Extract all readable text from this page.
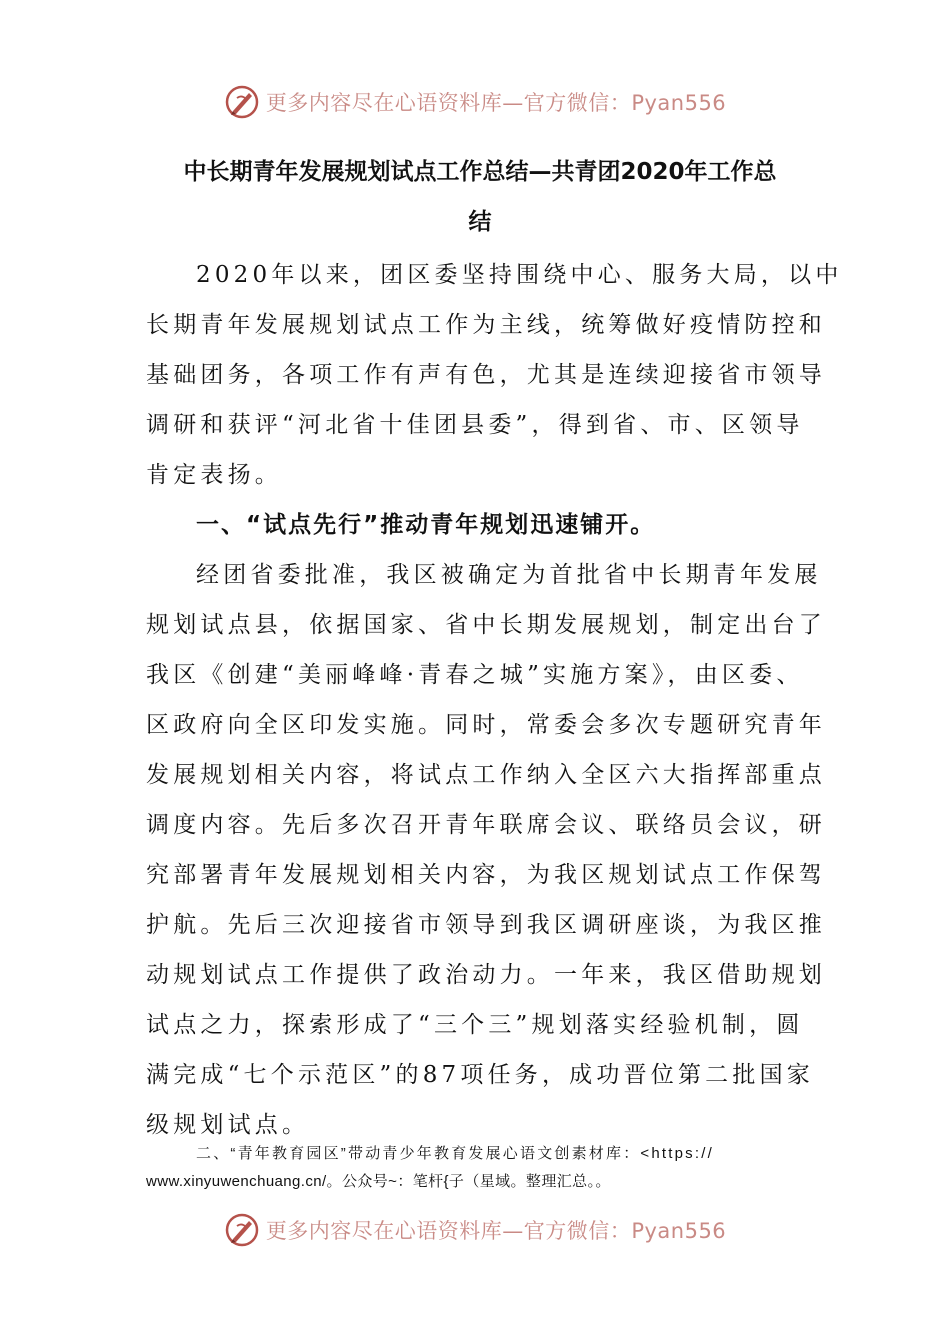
更多内容尽在心语资料库—官方微信：Pyan556
中长期青年发展规划试点工作总结—共青团2020年工作总
结
2020年以来，团区委坚持围绕中心、服务大局，以中
长期青年发展规划试点工作为主线，统筹做好疫情防控和
基础团务，各项工作有声有色，尤其是连续迎接省市领导
调研和获评“河北省十佳团县委”，得到省、市、区领导
肯定表扬。
一、“试点先行”推动青年规划迅速铺开。
经团省委批准，我区被确定为首批省中长期青年发展
规划试点县，依据国家、省中长期发展规划，制定出台了
我区《创建“美丽峰峰·青春之城”实施方案》，由区委、
区政府向全区印发实施。同时，常委会多次专题研究青年
发展规划相关内容，将试点工作纳入全区六大指挥部重点
调度内容。先后多次召开青年联席会议、联络员会议，研
究部署青年发展规划相关内容，为我区规划试点工作保驾
护航。先后三次迎接省市领导到我区调研座谈，为我区推
动规划试点工作提供了政治动力。一年来，我区借助规划
试点之力，探索形成了“三个三”规划落实经验机制，圆
满完成“七个示范区”的87项任务，成功晋位第二批国家
级规划试点。
二、“青年教育园区”带动青少年教育发展心语文创素材库：<https://
www.xinyuwenchuang.cn/。公众号~：笔杆{子（星域。整理汇总。。
更多内容尽在心语资料库—官方微信：Pyan556
